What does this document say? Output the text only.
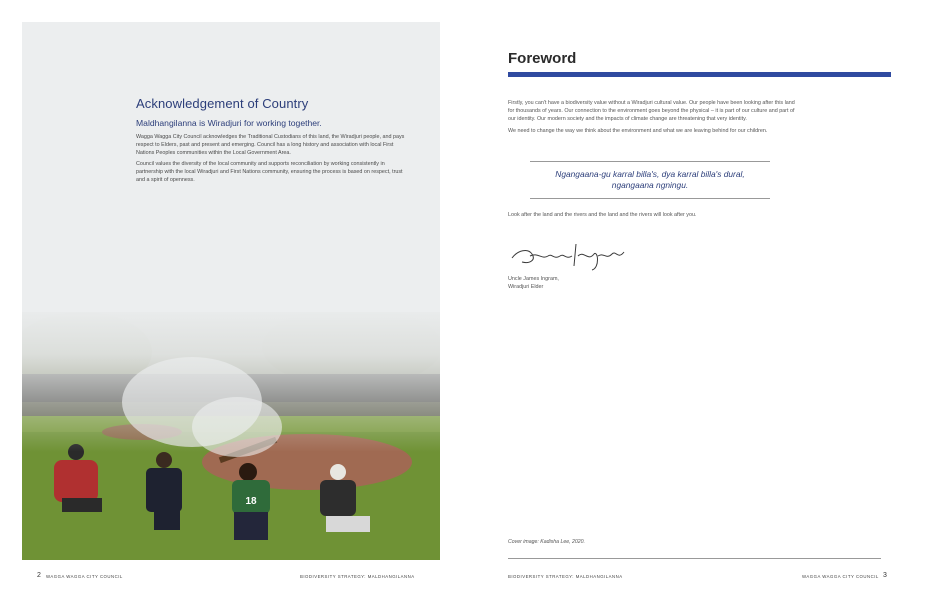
18
Acknowledgement of Country
Maldhangilanna is Wiradjuri for working together.

Wagga Wagga City Council acknowledges the Traditional Custodians of this land, the Wiradjuri people, and pays respect to Elders, past and present and emerging. Council has a long history and association with local First Nations Peoples communities within the Local Government Area.

Council values the diversity of the local community and supports reconciliation by working consistently in partnership with the local Wiradjuri and First Nations community, ensuring the process is based on respect, trust and a spirit of openness.

2 WAGGA WAGGA CITY COUNCIL	BIODIVERSITY STRATEGY: MALDHANGILANNA
Foreword

Firstly, you can't have a biodiversity value without a Wiradjuri cultural value. Our people have been looking after this land for thousands of years. Our connection to the environment goes beyond the physical – it is part of our culture and part of our identity. Our modern society and the impacts of climate change are threatening that very identity.

We need to change the way we think about the environment and what we are leaving behind for our children.

Ngangaana-gu karral billa's, dya karral billa's dural,
ngangaana ngningu.
Look after the land and the rivers and the land and the rivers will look after you.
Uncle James Ingram,
Wiradjuri Elder
Cover image: Kadisha Lee, 2020.
BIODIVERSITY STRATEGY: MALDHANGILANNA	WAGGA WAGGA CITY COUNCIL 3
